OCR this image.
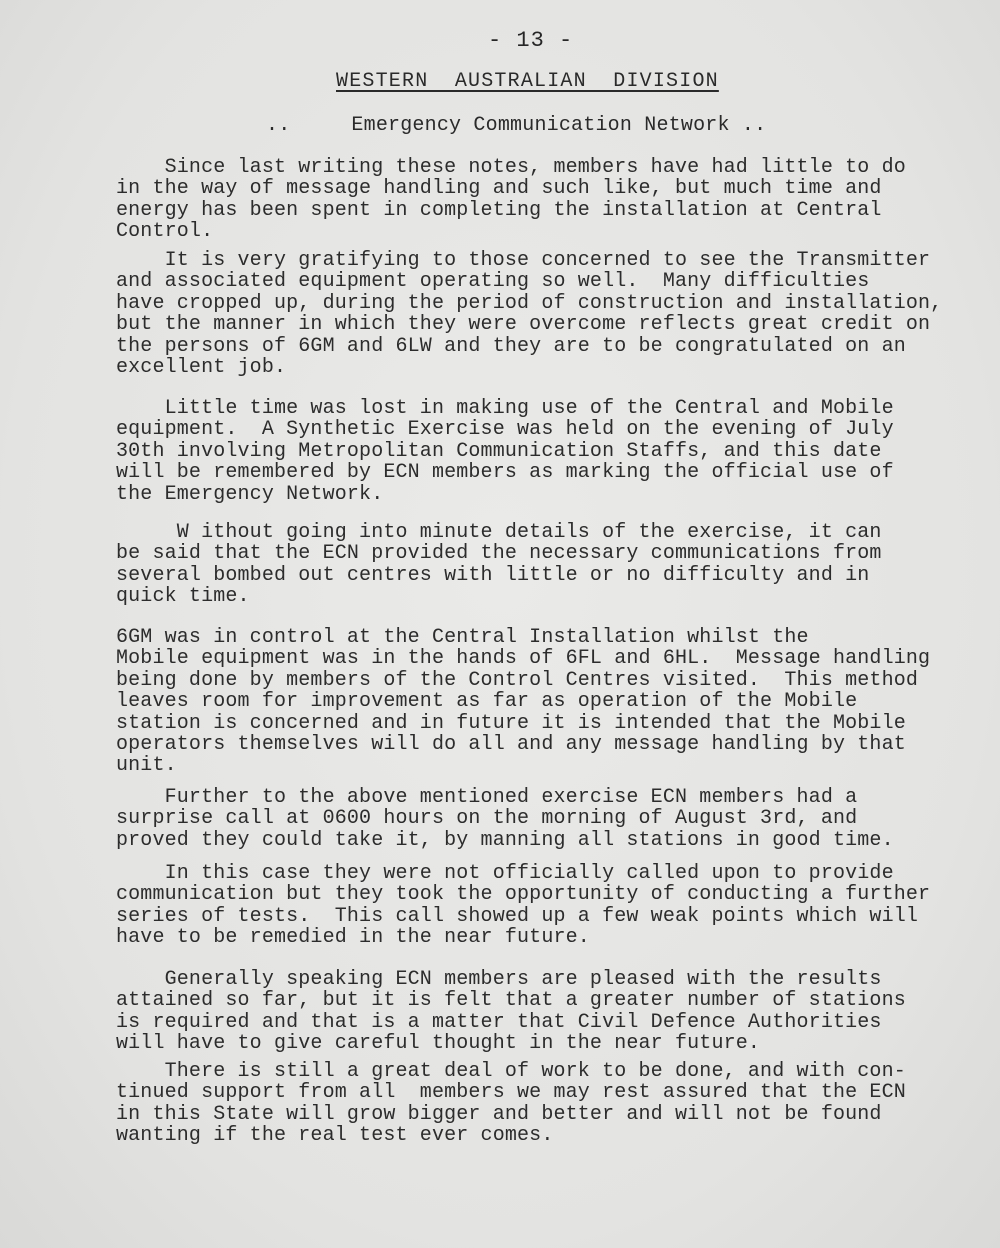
- 13 -
WESTERN  AUSTRALIAN  DIVISION
..     Emergency Communication Network ..

Since last writing these notes, members have had little to do
in the way of message handling and such like, but much time and
energy has been spent in completing the installation at Central
Control.

It is very gratifying to those concerned to see the Transmitter
and associated equipment operating so well.  Many difficulties
have cropped up, during the period of construction and installation,
but the manner in which they were overcome reflects great credit on
the persons of 6GM and 6LW and they are to be congratulated on an
excellent job.

Little time was lost in making use of the Central and Mobile
equipment.  A Synthetic Exercise was held on the evening of July
30th involving Metropolitan Communication Staffs, and this date
will be remembered by ECN members as marking the official use of
the Emergency Network.

W ithout going into minute details of the exercise, it can
be said that the ECN provided the necessary communications from
several bombed out centres with little or no difficulty and in
quick time.

6GM was in control at the Central Installation whilst the
Mobile equipment was in the hands of 6FL and 6HL.  Message handling
being done by members of the Control Centres visited.  This method
leaves room for improvement as far as operation of the Mobile
station is concerned and in future it is intended that the Mobile
operators themselves will do all and any message handling by that
unit.

Further to the above mentioned exercise ECN members had a
surprise call at 0600 hours on the morning of August 3rd, and
proved they could take it, by manning all stations in good time.

In this case they were not officially called upon to provide
communication but they took the opportunity of conducting a further
series of tests.  This call showed up a few weak points which will
have to be remedied in the near future.

Generally speaking ECN members are pleased with the results
attained so far, but it is felt that a greater number of stations
is required and that is a matter that Civil Defence Authorities
will have to give careful thought in the near future.

There is still a great deal of work to be done, and with con-
tinued support from all  members we may rest assured that the ECN
in this State will grow bigger and better and will not be found
wanting if the real test ever comes.
